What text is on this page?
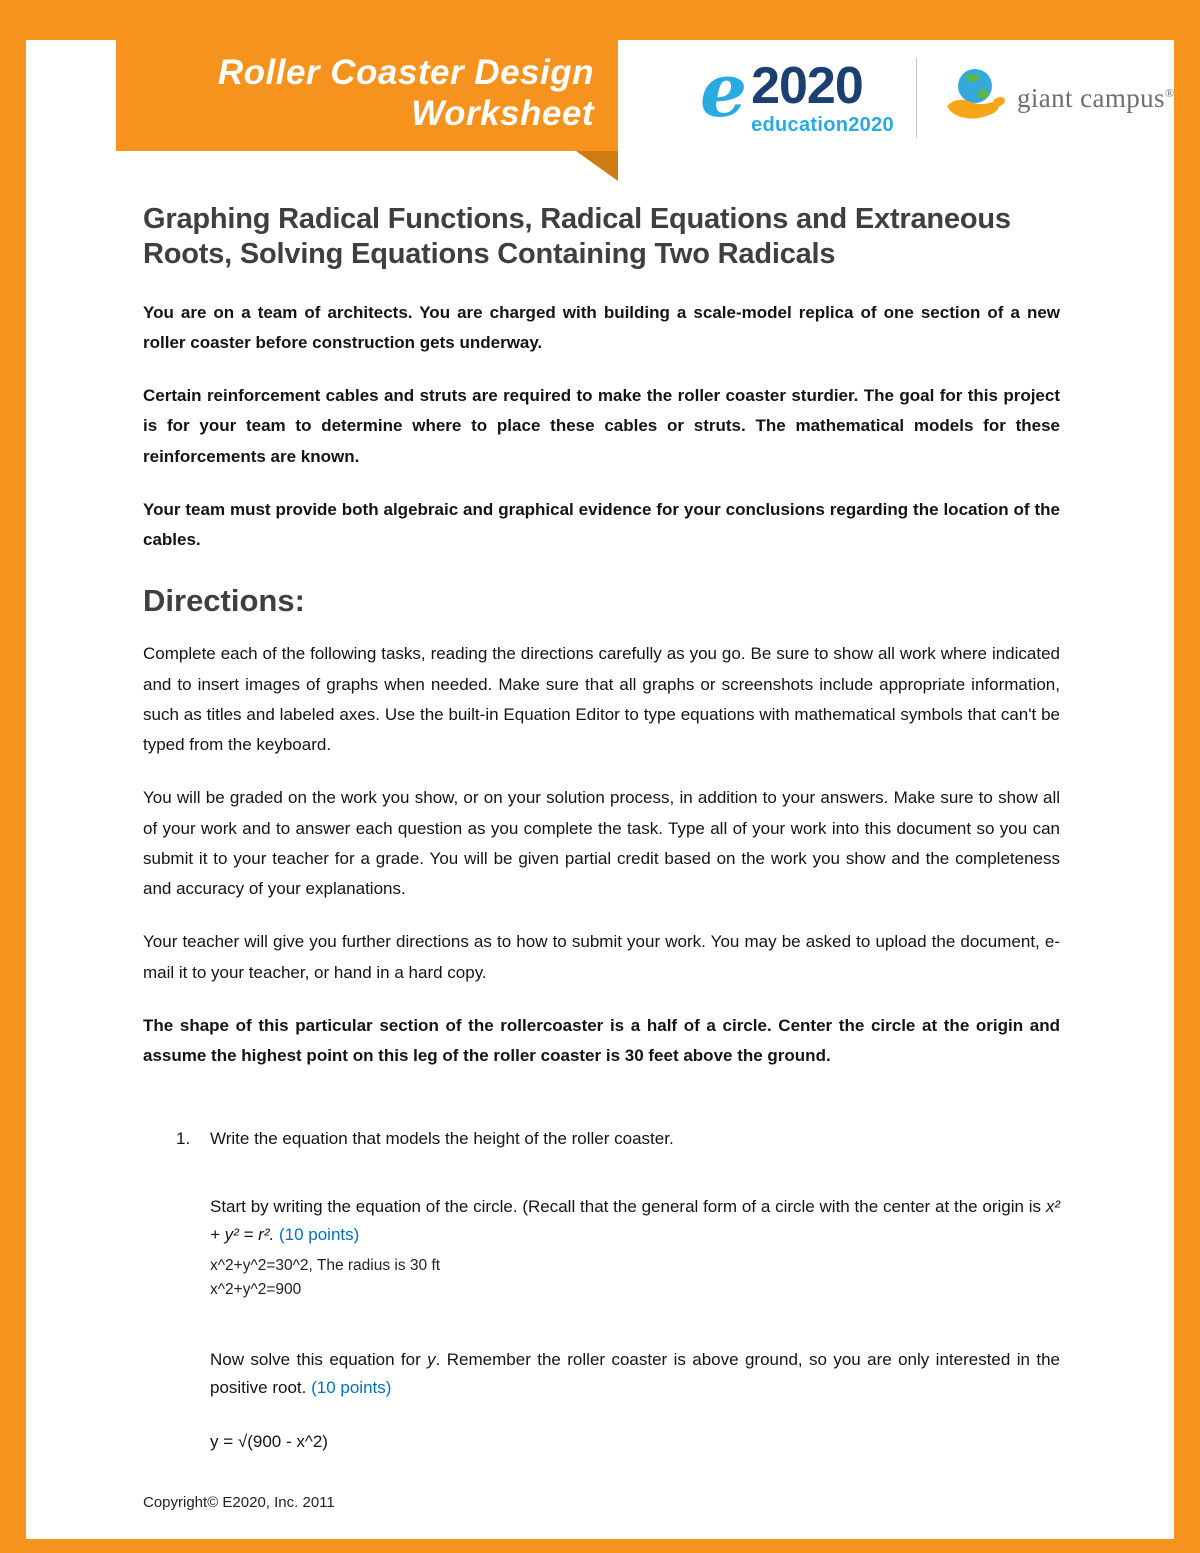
Roller Coaster Design
Worksheet e 2020
education2020
giant campus®
Graphing Radical Functions, Radical Equations and Extraneous Roots, Solving Equations Containing Two Radicals

You are on a team of architects. You are charged with building a scale-model replica of one section of a new roller coaster before construction gets underway.

Certain reinforcement cables and struts are required to make the roller coaster sturdier. The goal for this project is for your team to determine where to place these cables or struts. The mathematical models for these reinforcements are known.

Your team must provide both algebraic and graphical evidence for your conclusions regarding the location of the cables.

Directions:

Complete each of the following tasks, reading the directions carefully as you go. Be sure to show all work where indicated and to insert images of graphs when needed. Make sure that all graphs or screenshots include appropriate information, such as titles and labeled axes. Use the built-in Equation Editor to type equations with mathematical symbols that can't be typed from the keyboard.

You will be graded on the work you show, or on your solution process, in addition to your answers. Make sure to show all of your work and to answer each question as you complete the task. Type all of your work into this document so you can submit it to your teacher for a grade. You will be given partial credit based on the work you show and the completeness and accuracy of your explanations.

Your teacher will give you further directions as to how to submit your work. You may be asked to upload the document, e-mail it to your teacher, or hand in a hard copy.

The shape of this particular section of the rollercoaster is a half of a circle. Center the circle at the origin and assume the highest point on this leg of the roller coaster is 30 feet above the ground.

1.	Write the equation that models the height of the roller coaster.

Start by writing the equation of the circle. (Recall that the general form of a circle with the center at the origin is x² + y² = r². (10 points)

x^2+y^2=30^2, The radius is 30 ft
x^2+y^2=900

Now solve this equation for y. Remember the roller coaster is above ground, so you are only interested in the positive root. (10 points)

y = √(900 - x^2)
Copyright© E2020, Inc. 2011
